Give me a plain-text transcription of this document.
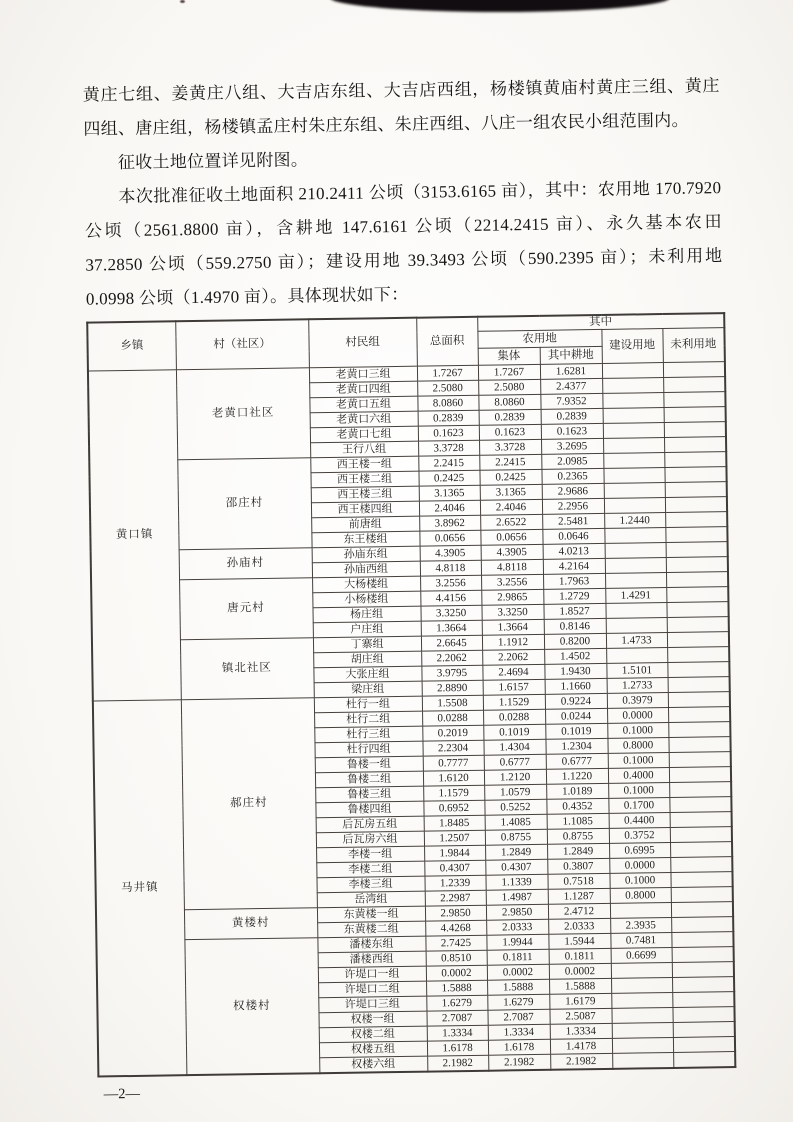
黄庄七组、姜黄庄八组、大吉店东组、大吉店西组，杨楼镇黄庙村黄庄三组、黄庄四组、唐庄组，杨楼镇孟庄村朱庄东组、朱庄西组、八庄一组农民小组范围内。

征收土地位置详见附图。

本次批准征收土地面积 210.2411 公顷（3153.6165 亩），其中：农用地 170.7920 公顷（2561.8800 亩），含耕地 147.6161 公顷（2214.2415 亩）、永久基本农田 37.2850 公顷（559.2750 亩）；建设用地 39.3493 公顷（590.2395 亩）；未利用地 0.0998 公顷（1.4970 亩）。具体现状如下：

乡镇	村（社区）	村民组	总面积	其中			
				农用地		建设用地	未利用地
				集体	其中耕地		
黄口镇	老黄口社区	老黄口三组	1.7267	1.7267	1.6281		
		老黄口四组	2.5080	2.5080	2.4377		
		老黄口五组	8.0860	8.0860	7.9352		
		老黄口六组	0.2839	0.2839	0.2839		
		老黄口七组	0.1623	0.1623	0.1623		
		王行八组	3.3728	3.3728	3.2695		
	邵庄村	西王楼一组	2.2415	2.2415	2.0985		
		西王楼二组	0.2425	0.2425	0.2365		
		西王楼三组	3.1365	3.1365	2.9686		
		西王楼四组	2.4046	2.4046	2.2956		
		前唐组	3.8962	2.6522	2.5481	1.2440	
		东王楼组	0.0656	0.0656	0.0646		
	孙庙村	孙庙东组	4.3905	4.3905	4.0213		
		孙庙西组	4.8118	4.8118	4.2164		
	唐元村	大杨楼组	3.2556	3.2556	1.7963		
		小杨楼组	4.4156	2.9865	1.2729	1.4291	
		杨庄组	3.3250	3.3250	1.8527		
		户庄组	1.3664	1.3664	0.8146		
	镇北社区	丁寨组	2.6645	1.1912	0.8200	1.4733	
		胡庄组	2.2062	2.2062	1.4502		
		大张庄组	3.9795	2.4694	1.9430	1.5101	
		梁庄组	2.8890	1.6157	1.1660	1.2733	
马井镇	郝庄村	杜行一组	1.5508	1.1529	0.9224	0.3979	
		杜行二组	0.0288	0.0288	0.0244	0.0000	
		杜行三组	0.2019	0.1019	0.1019	0.1000	
		杜行四组	2.2304	1.4304	1.2304	0.8000	
		鲁楼一组	0.7777	0.6777	0.6777	0.1000	
		鲁楼二组	1.6120	1.2120	1.1220	0.4000	
		鲁楼三组	1.1579	1.0579	1.0189	0.1000	
		鲁楼四组	0.6952	0.5252	0.4352	0.1700	
		后瓦房五组	1.8485	1.4085	1.1085	0.4400	
		后瓦房六组	1.2507	0.8755	0.8755	0.3752	
		李楼一组	1.9844	1.2849	1.2849	0.6995	
		李楼二组	0.4307	0.4307	0.3807	0.0000	
		李楼三组	1.2339	1.1339	0.7518	0.1000	
		岳湾组	2.2987	1.4987	1.1287	0.8000	
	黄楼村	东黄楼一组	2.9850	2.9850	2.4712		
		东黄楼二组	4.4268	2.0333	2.0333	2.3935	
	权楼村	潘楼东组	2.7425	1.9944	1.5944	0.7481	
		潘楼西组	0.8510	0.1811	0.1811	0.6699	
		许堤口一组	0.0002	0.0002	0.0002		
		许堤口二组	1.5888	1.5888	1.5888		
		许堤口三组	1.6279	1.6279	1.6179		
		权楼一组	2.7087	2.7087	2.5087		
		权楼二组	1.3334	1.3334	1.3334		
		权楼五组	1.6178	1.6178	1.4178		
		权楼六组	2.1982	2.1982	2.1982		
—2—
